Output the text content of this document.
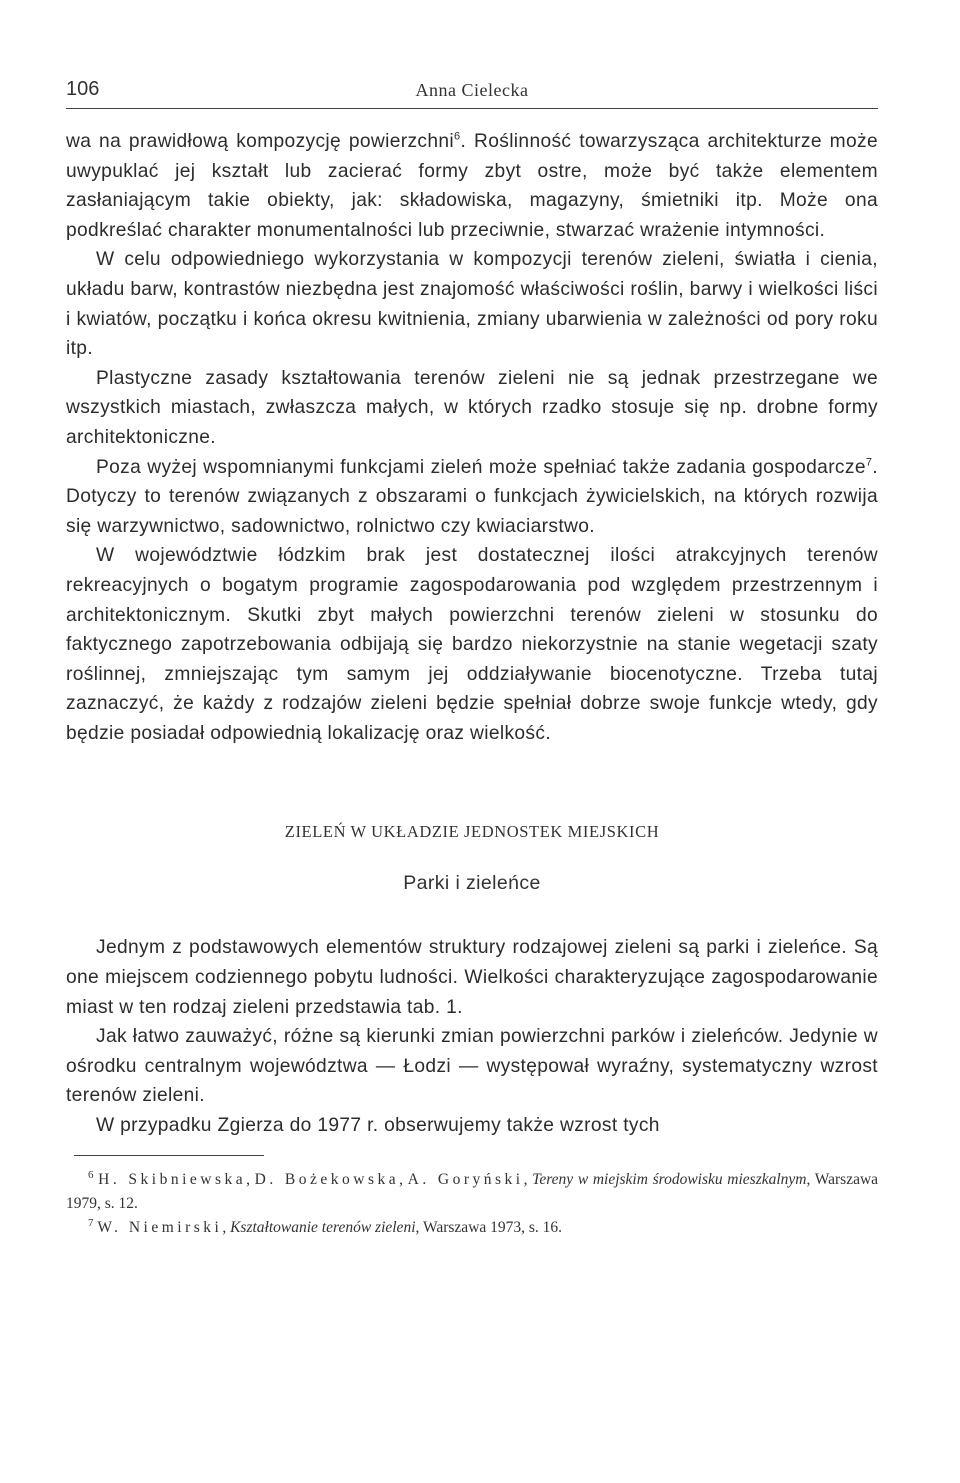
106	Anna Cielecka

wa na prawidłową kompozycję powierzchni$^6$. Roślinność towarzysząca architekturze może uwypuklać jej kształt lub zacierać formy zbyt ostre, może być także elementem zasłaniającym takie obiekty, jak: składowiska, magazyny, śmietniki itp. Może ona podkreślać charakter monumentalności lub przeciwnie, stwarzać wrażenie intymności.

W celu odpowiedniego wykorzystania w kompozycji terenów zieleni, światła i cienia, układu barw, kontrastów niezbędna jest znajomość właściwości roślin, barwy i wielkości liści i kwiatów, początku i końca okresu kwitnienia, zmiany ubarwienia w zależności od pory roku itp.

Plastyczne zasady kształtowania terenów zieleni nie są jednak przestrzegane we wszystkich miastach, zwłaszcza małych, w których rzadko stosuje się np. drobne formy architektoniczne.

Poza wyżej wspomnianymi funkcjami zieleń może spełniać także zadania gospodarcze$^7$. Dotyczy to terenów związanych z obszarami o funkcjach żywicielskich, na których rozwija się warzywnictwo, sadownictwo, rolnictwo czy kwiaciarstwo.

W województwie łódzkim brak jest dostatecznej ilości atrakcyjnych terenów rekreacyjnych o bogatym programie zagospodarowania pod względem przestrzennym i architektonicznym. Skutki zbyt małych powierzchni terenów zieleni w stosunku do faktycznego zapotrzebowania odbijają się bardzo niekorzystnie na stanie wegetacji szaty roślinnej, zmniejszając tym samym jej oddziaływanie biocenotyczne. Trzeba tutaj zaznaczyć, że każdy z rodzajów zieleni będzie spełniał dobrze swoje funkcje wtedy, gdy będzie posiadał odpowiednią lokalizację oraz wielkość.

ZIELEŃ W UKŁADZIE JEDNOSTEK MIEJSKICH
Parki i zieleńce

Jednym z podstawowych elementów struktury rodzajowej zieleni są parki i zieleńce. Są one miejscem codziennego pobytu ludności. Wielkości charakteryzujące zagospodarowanie miast w ten rodzaj zieleni przedstawia tab. 1.

Jak łatwo zauważyć, różne są kierunki zmian powierzchni parków i zieleńców. Jedynie w ośrodku centralnym województwa — Łodzi — występował wyraźny, systematyczny wzrost terenów zieleni.

W przypadku Zgierza do 1977 r. obserwujemy także wzrost tych

$^6$ H. Skibniewska, D. Bożekowska, A. Goryński, Tereny w miejskim środowisku mieszkalnym, Warszawa 1979, s. 12.

$^7$ W. Niemirski, Kształtowanie terenów zieleni, Warszawa 1973, s. 16.
